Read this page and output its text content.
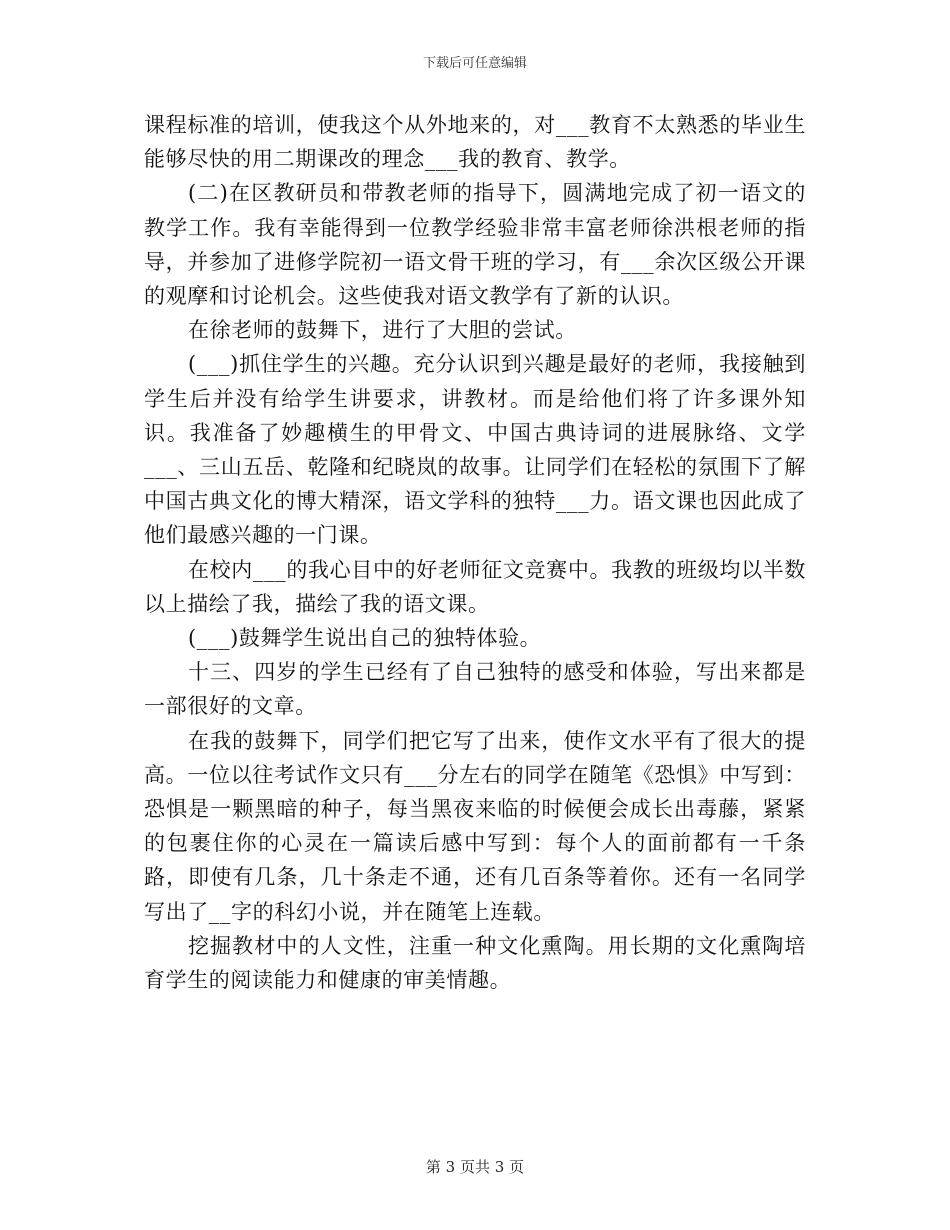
下载后可任意编辑

课程标准的培训，使我这个从外地来的，对___教育不太熟悉的毕业生能够尽快的用二期课改的理念___我的教育、教学。

(二)在区教研员和带教老师的指导下，圆满地完成了初一语文的教学工作。我有幸能得到一位教学经验非常丰富老师徐洪根老师的指导，并参加了进修学院初一语文骨干班的学习，有___余次区级公开课的观摩和讨论机会。这些使我对语文教学有了新的认识。

在徐老师的鼓舞下，进行了大胆的尝试。

(___)抓住学生的兴趣。充分认识到兴趣是最好的老师，我接触到学生后并没有给学生讲要求，讲教材。而是给他们将了许多课外知识。我准备了妙趣横生的甲骨文、中国古典诗词的进展脉络、文学___、三山五岳、乾隆和纪晓岚的故事。让同学们在轻松的氛围下了解中国古典文化的博大精深，语文学科的独特___力。语文课也因此成了他们最感兴趣的一门课。

在校内___的我心目中的好老师征文竞赛中。我教的班级均以半数以上描绘了我，描绘了我的语文课。

(___)鼓舞学生说出自己的独特体验。

十三、四岁的学生已经有了自己独特的感受和体验，写出来都是一部很好的文章。

在我的鼓舞下，同学们把它写了出来，使作文水平有了很大的提高。一位以往考试作文只有___分左右的同学在随笔《恐惧》中写到：恐惧是一颗黑暗的种子，每当黑夜来临的时候便会成长出毒藤，紧紧的包裹住你的心灵在一篇读后感中写到：每个人的面前都有一千条路，即使有几条，几十条走不通，还有几百条等着你。还有一名同学写出了__字的科幻小说，并在随笔上连载。

挖掘教材中的人文性，注重一种文化熏陶。用长期的文化熏陶培育学生的阅读能力和健康的审美情趣。

第 3 页共 3 页
